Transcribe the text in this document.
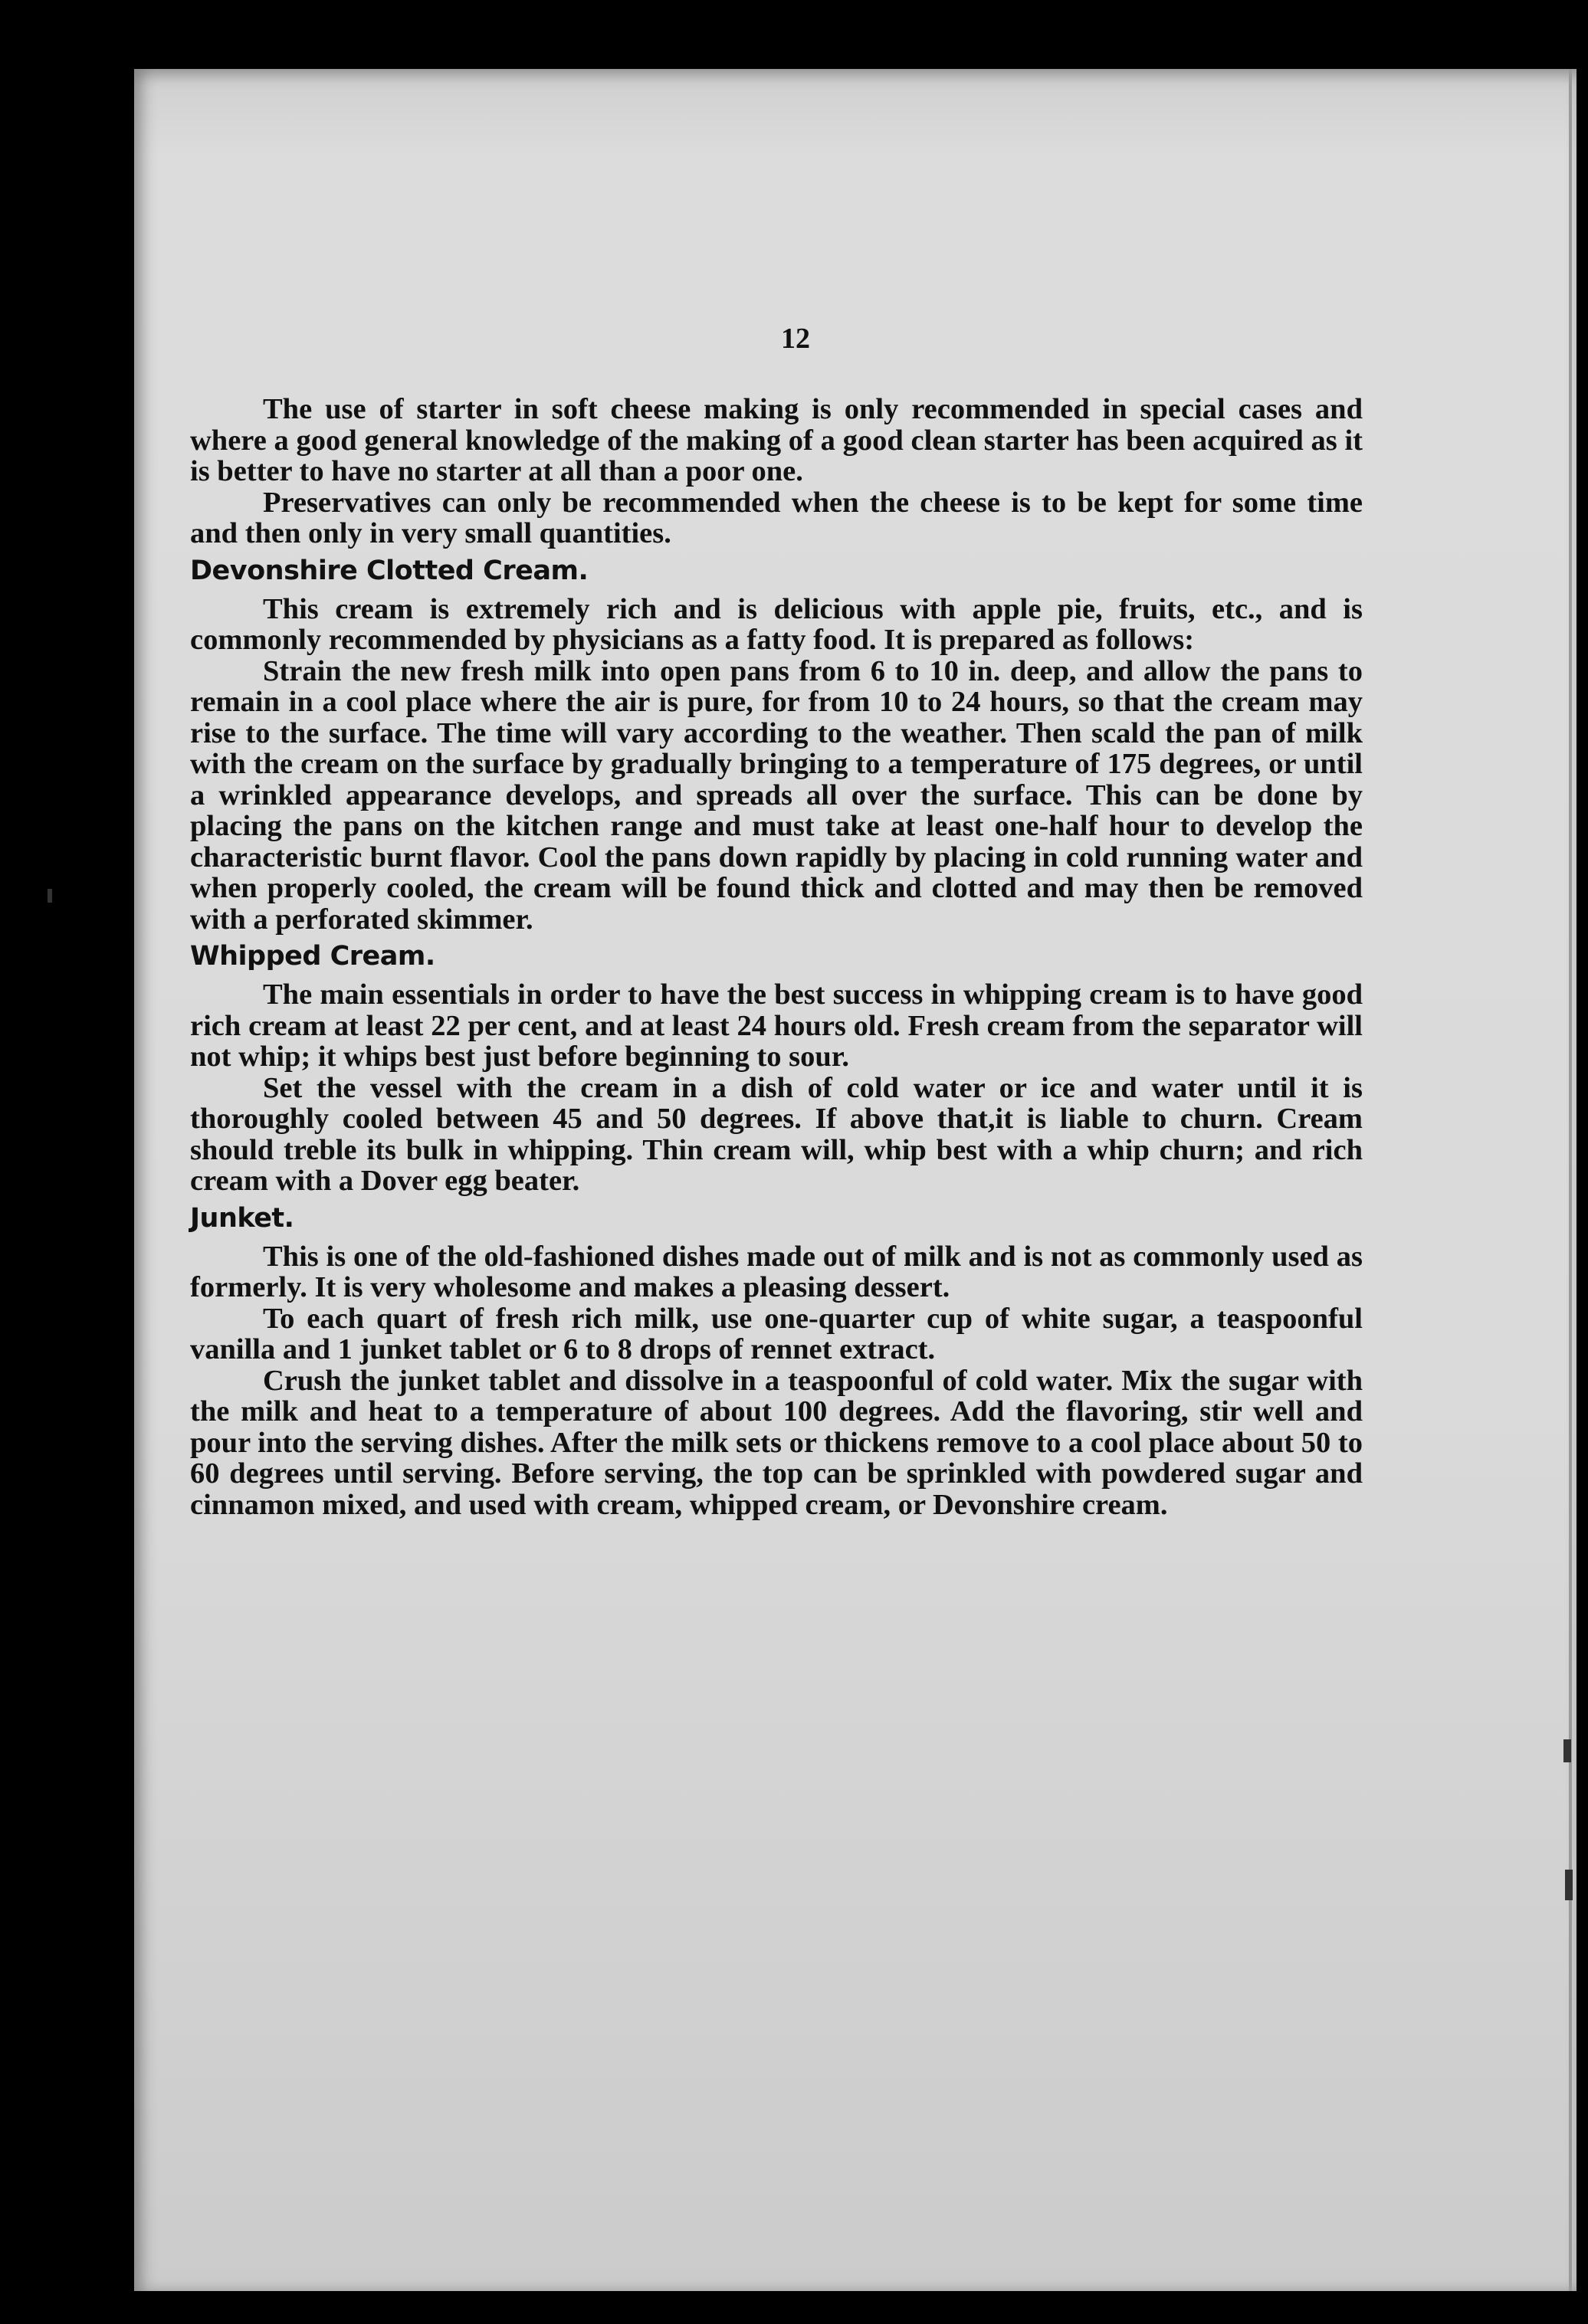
12

The use of starter in soft cheese making is only recommended in special cases and where a good general knowledge of the making of a good clean starter has been acquired as it is better to have no starter at all than a poor one.

Preservatives can only be recommended when the cheese is to be kept for some time and then only in very small quantities.

Devonshire Clotted Cream.

This cream is extremely rich and is delicious with apple pie, fruits, etc., and is commonly recommended by physicians as a fatty food. It is prepared as follows:

Strain the new fresh milk into open pans from 6 to 10 in. deep, and allow the pans to remain in a cool place where the air is pure, for from 10 to 24 hours, so that the cream may rise to the surface. The time will vary according to the weather. Then scald the pan of milk with the cream on the surface by gradually bringing to a temperature of 175 degrees, or until a wrinkled appearance develops, and spreads all over the surface. This can be done by placing the pans on the kitchen range and must take at least one-half hour to develop the characteristic burnt flavor. Cool the pans down rapidly by placing in cold running water and when properly cooled, the cream will be found thick and clotted and may then be removed with a perforated skimmer.

Whipped Cream.

The main essentials in order to have the best success in whipping cream is to have good rich cream at least 22 per cent, and at least 24 hours old. Fresh cream from the separator will not whip; it whips best just before beginning to sour.

Set the vessel with the cream in a dish of cold water or ice and water until it is thoroughly cooled between 45 and 50 degrees. If above that,it is liable to churn. Cream should treble its bulk in whipping. Thin cream will, whip best with a whip churn; and rich cream with a Dover egg beater.

Junket.

This is one of the old-fashioned dishes made out of milk and is not as commonly used as formerly. It is very wholesome and makes a pleasing dessert.

To each quart of fresh rich milk, use one-quarter cup of white sugar, a teaspoonful vanilla and 1 junket tablet or 6 to 8 drops of rennet extract.

Crush the junket tablet and dissolve in a teaspoonful of cold water. Mix the sugar with the milk and heat to a temperature of about 100 degrees. Add the flavoring, stir well and pour into the serving dishes. After the milk sets or thickens remove to a cool place about 50 to 60 degrees until serving. Before serving, the top can be sprinkled with powdered sugar and cinnamon mixed, and used with cream, whipped cream, or Devonshire cream.
